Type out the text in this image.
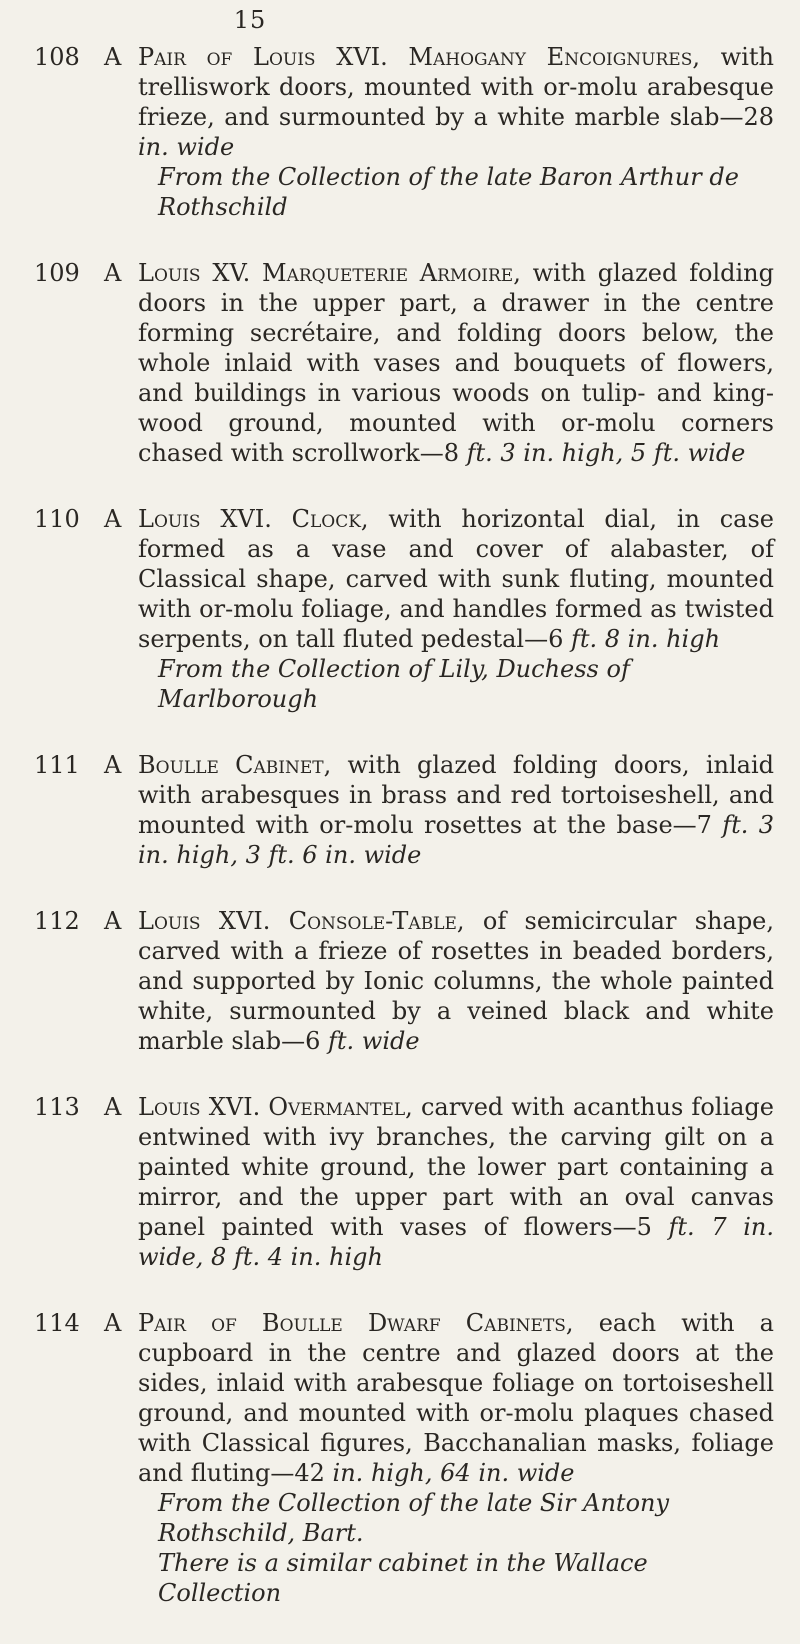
15
108	A Pair of Louis XVI. Mahogany Encoignures, with trelliswork doors, mounted with or-molu arabesque frieze, and surmounted by a white marble slab—28 in. wide
From the Collection of the late Baron Arthur de Rothschild
109	A Louis XV. Marqueterie Armoire, with glazed folding doors in the upper part, a drawer in the centre forming secrétaire, and folding doors below, the whole inlaid with vases and bouquets of flowers, and buildings in various woods on tulip- and king-wood ground, mounted with or-molu corners chased with scrollwork—8 ft. 3 in. high, 5 ft. wide
110	A Louis XVI. Clock, with horizontal dial, in case formed as a vase and cover of alabaster, of Classical shape, carved with sunk fluting, mounted with or-molu foliage, and handles formed as twisted serpents, on tall fluted pedestal—6 ft. 8 in. high
From the Collection of Lily, Duchess of Marlborough
111	A Boulle Cabinet, with glazed folding doors, inlaid with arabesques in brass and red tortoiseshell, and mounted with or-molu rosettes at the base—7 ft. 3 in. high, 3 ft. 6 in. wide
112	A Louis XVI. Console-Table, of semicircular shape, carved with a frieze of rosettes in beaded borders, and supported by Ionic columns, the whole painted white, surmounted by a veined black and white marble slab—6 ft. wide
113	A Louis XVI. Overmantel, carved with acanthus foliage entwined with ivy branches, the carving gilt on a painted white ground, the lower part containing a mirror, and the upper part with an oval canvas panel painted with vases of flowers—5 ft. 7 in. wide, 8 ft. 4 in. high
114	A Pair of Boulle Dwarf Cabinets, each with a cupboard in the centre and glazed doors at the sides, inlaid with arabesque foliage on tortoiseshell ground, and mounted with or-molu plaques chased with Classical figures, Bacchanalian masks, foliage and fluting—42 in. high, 64 in. wide
From the Collection of the late Sir Antony Rothschild, Bart.
There is a similar cabinet in the Wallace Collection
